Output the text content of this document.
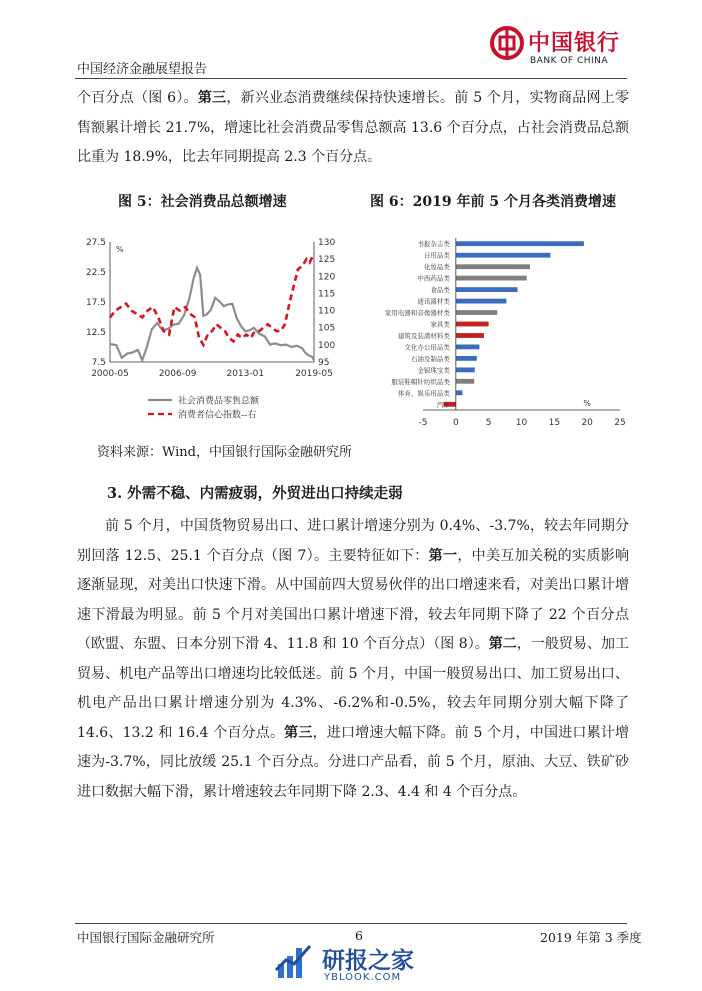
中国银行
BANK OF CHINA
中国经济金融展望报告

个百分点（图 6）。第三，新兴业态消费继续保持快速增长。前 5 个月，实物商品网上零售额累计增长 21.7%，增速比社会消费品零售总额高 13.6 个百分点，占社会消费品总额比重为 18.9%，比去年同期提高 2.3 个百分点。

图 5：社会消费品总额增速	图 6：2019 年前 5 个月各类消费增速
7.5
12.5
17.5
22.5
27.5
95
100
105
110
115
120
125
130
%
2000-05	2006-09	2013-01	2019-05
社会消费品零售总额
消费者信心指数--右
书报杂志类
日用品类
化妆品类
中西药品类
食品类
通讯器材类
家用电器和音像器材类
家具类
建筑及装潢材料类
文化办公用品类
石油及制品类
金银珠宝类
服装鞋帽针纺织品类
体育、娱乐用品类
汽车
-5	0	5	10 15 20 25
%
资料来源：Wind，中国银行国际金融研究所
3. 外需不稳、内需疲弱，外贸进出口持续走弱

前 5 个月，中国货物贸易出口、进口累计增速分别为 0.4%、-3.7%，较去年同期分别回落 12.5、25.1 个百分点（图 7）。主要特征如下：第一，中美互加关税的实质影响逐渐显现，对美出口快速下滑。从中国前四大贸易伙伴的出口增速来看，对美出口累计增速下滑最为明显。前 5 个月对美国出口累计增速下滑，较去年同期下降了 22 个百分点（欧盟、东盟、日本分别下滑 4、11.8 和 10 个百分点）（图 8）。第二，一般贸易、加工贸易、机电产品等出口增速均比较低迷。前 5 个月，中国一般贸易出口、加工贸易出口、机电产品出口累计增速分别为 4.3%、-6.2%和-0.5%，较去年同期分别大幅下降了 14.6、13.2 和 16.4 个百分点。第三，进口增速大幅下降。前 5 个月，中国进口累计增速为-3.7%，同比放缓 25.1 个百分点。分进口产品看，前 5 个月，原油、大豆、铁矿砂进口数据大幅下滑，累计增速较去年同期下降 2.3、4.4 和 4 个百分点。

中国银行国际金融研究所	6	2019 年第 3 季度
研报之家
YBLOOK.COM
